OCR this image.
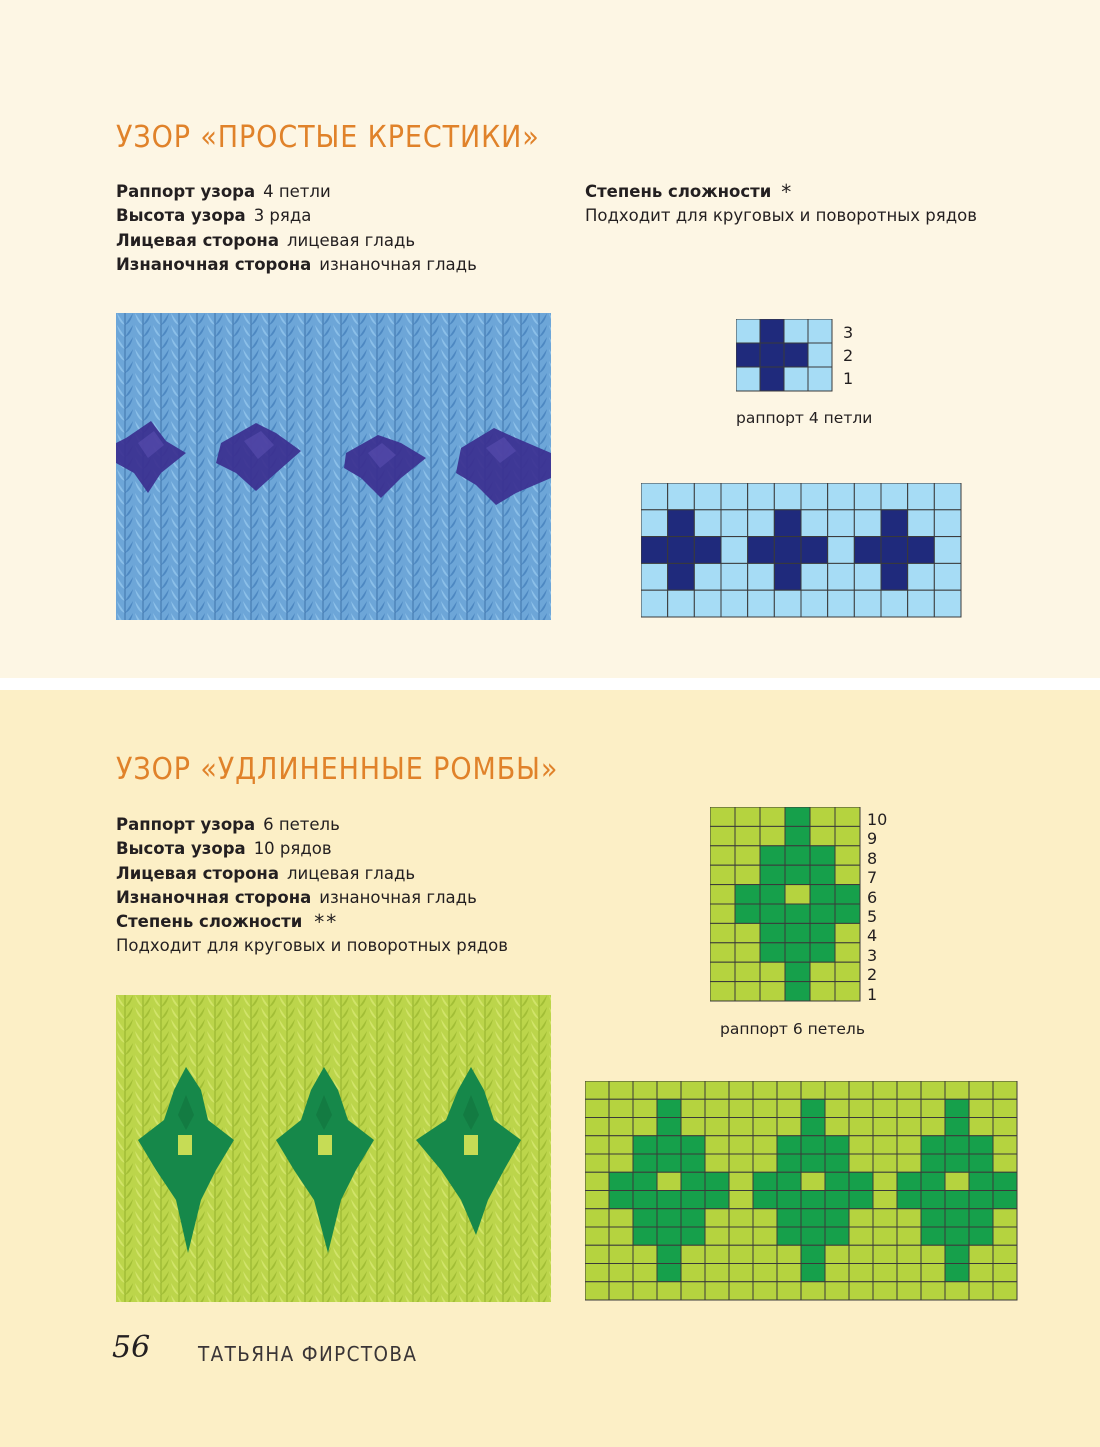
УЗОР «ПРОСТЫЕ КРЕСТИКИ»
Раппорт узора 4 петли
Высота узора 3 ряда
Лицевая сторона лицевая гладь
Изнаночная сторона изнаночная гладь
Степень сложности *
Подходит для круговых и поворотных рядов
3
2
1
раппорт 4 петли
УЗОР «УДЛИНЕННЫЕ РОМБЫ»
Раппорт узора 6 петель
Высота узора 10 рядов
Лицевая сторона лицевая гладь
Изнаночная сторона изнаночная гладь
Степень сложности **
Подходит для круговых и поворотных рядов
10
9
8
7
6
5
4
3
2
1
раппорт 6 петель
56 ТАТЬЯНА ФИРСТОВА
